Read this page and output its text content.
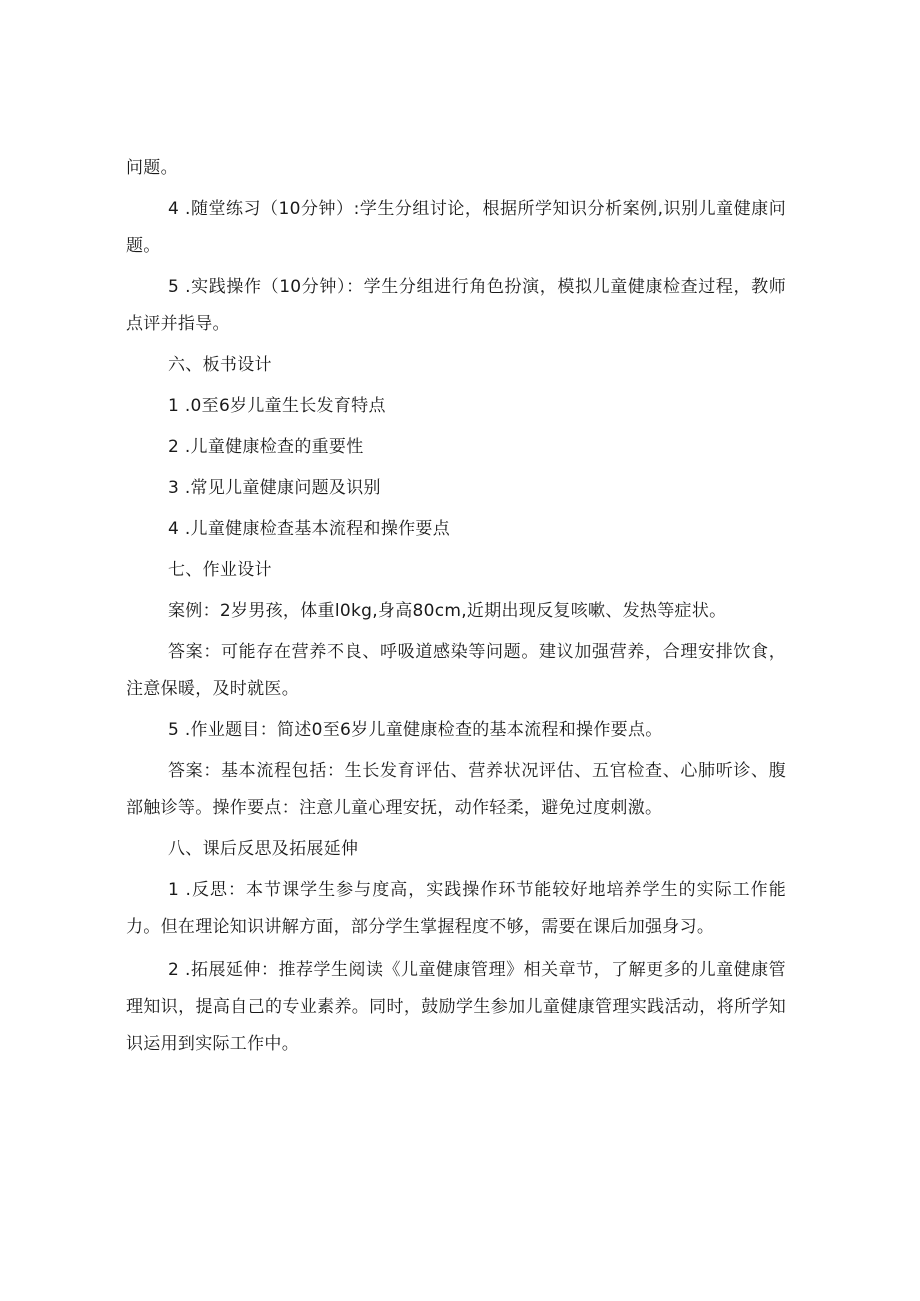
问题。

4 .随堂练习（10分钟）:学生分组讨论，根据所学知识分析案例,识别儿童健康问题。

5 .实践操作（10分钟）：学生分组进行角色扮演，模拟儿童健康检查过程，教师点评并指导。

六、板书设计

1 .0至6岁儿童生长发育特点

2 .儿童健康检查的重要性

3 .常见儿童健康问题及识别

4 .儿童健康检查基本流程和操作要点

七、作业设计

案例：2岁男孩，体重l0kg,身高80cm,近期出现反复咳嗽、发热等症状。

答案：可能存在营养不良、呼吸道感染等问题。建议加强营养，合理安排饮食，注意保暖，及时就医。

5 .作业题目：简述0至6岁儿童健康检查的基本流程和操作要点。

答案：基本流程包括：生长发育评估、营养状况评估、五官检查、心肺听诊、腹部触诊等。操作要点：注意儿童心理安抚，动作轻柔，避免过度刺激。

八、课后反思及拓展延伸

1 .反思：本节课学生参与度高，实践操作环节能较好地培养学生的实际工作能力。但在理论知识讲解方面，部分学生掌握程度不够，需要在课后加强身习。

2 .拓展延伸：推荐学生阅读《儿童健康管理》相关章节，了解更多的儿童健康管理知识，提高自己的专业素养。同时，鼓励学生参加儿童健康管理实践活动，将所学知识运用到实际工作中。
